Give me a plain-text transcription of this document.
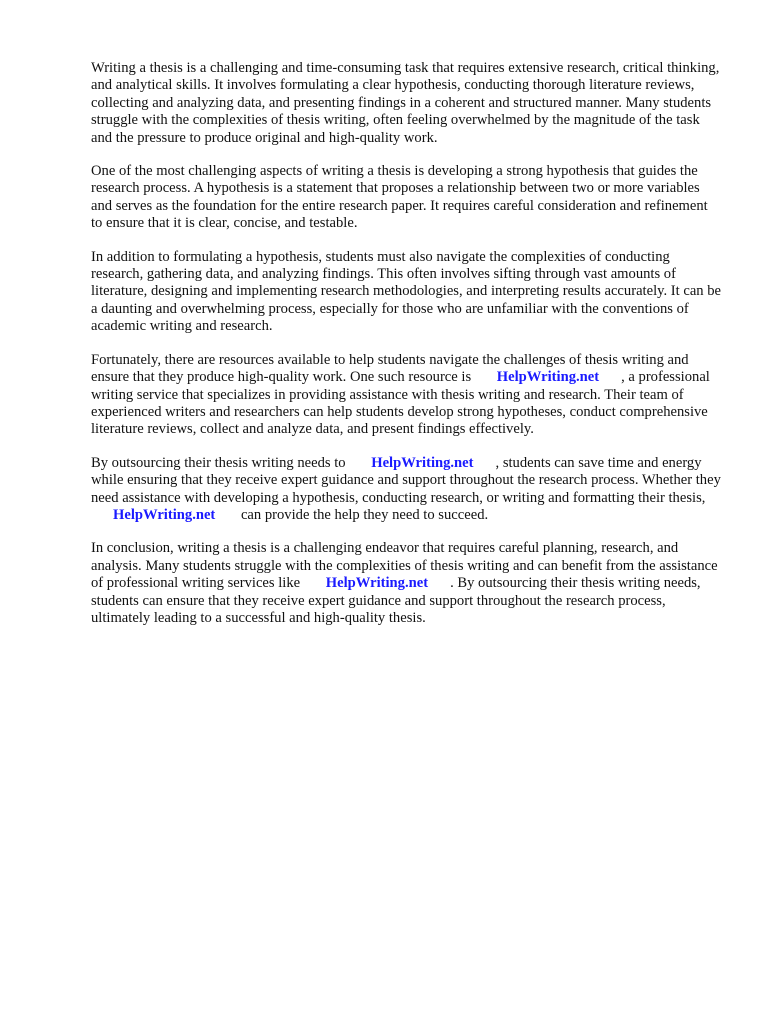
Writing a thesis is a challenging and time-consuming task that requires extensive research, critical thinking, and analytical skills. It involves formulating a clear hypothesis, conducting thorough literature reviews, collecting and analyzing data, and presenting findings in a coherent and structured manner. Many students struggle with the complexities of thesis writing, often feeling overwhelmed by the magnitude of the task and the pressure to produce original and high-quality work.

One of the most challenging aspects of writing a thesis is developing a strong hypothesis that guides the research process. A hypothesis is a statement that proposes a relationship between two or more variables and serves as the foundation for the entire research paper. It requires careful consideration and refinement to ensure that it is clear, concise, and testable.

In addition to formulating a hypothesis, students must also navigate the complexities of conducting research, gathering data, and analyzing findings. This often involves sifting through vast amounts of literature, designing and implementing research methodologies, and interpreting results accurately. It can be a daunting and overwhelming process, especially for those who are unfamiliar with the conventions of academic writing and research.

Fortunately, there are resources available to help students navigate the challenges of thesis writing and ensure that they produce high-quality work. One such resource is HelpWriting.net , a professional writing service that specializes in providing assistance with thesis writing and research. Their team of experienced writers and researchers can help students develop strong hypotheses, conduct comprehensive literature reviews, collect and analyze data, and present findings effectively.

By outsourcing their thesis writing needs to HelpWriting.net , students can save time and energy while ensuring that they receive expert guidance and support throughout the research process. Whether they need assistance with developing a hypothesis, conducting research, or writing and formatting their thesis, HelpWriting.net can provide the help they need to succeed.

In conclusion, writing a thesis is a challenging endeavor that requires careful planning, research, and analysis. Many students struggle with the complexities of thesis writing and can benefit from the assistance of professional writing services like HelpWriting.net . By outsourcing their thesis writing needs, students can ensure that they receive expert guidance and support throughout the research process, ultimately leading to a successful and high-quality thesis.
